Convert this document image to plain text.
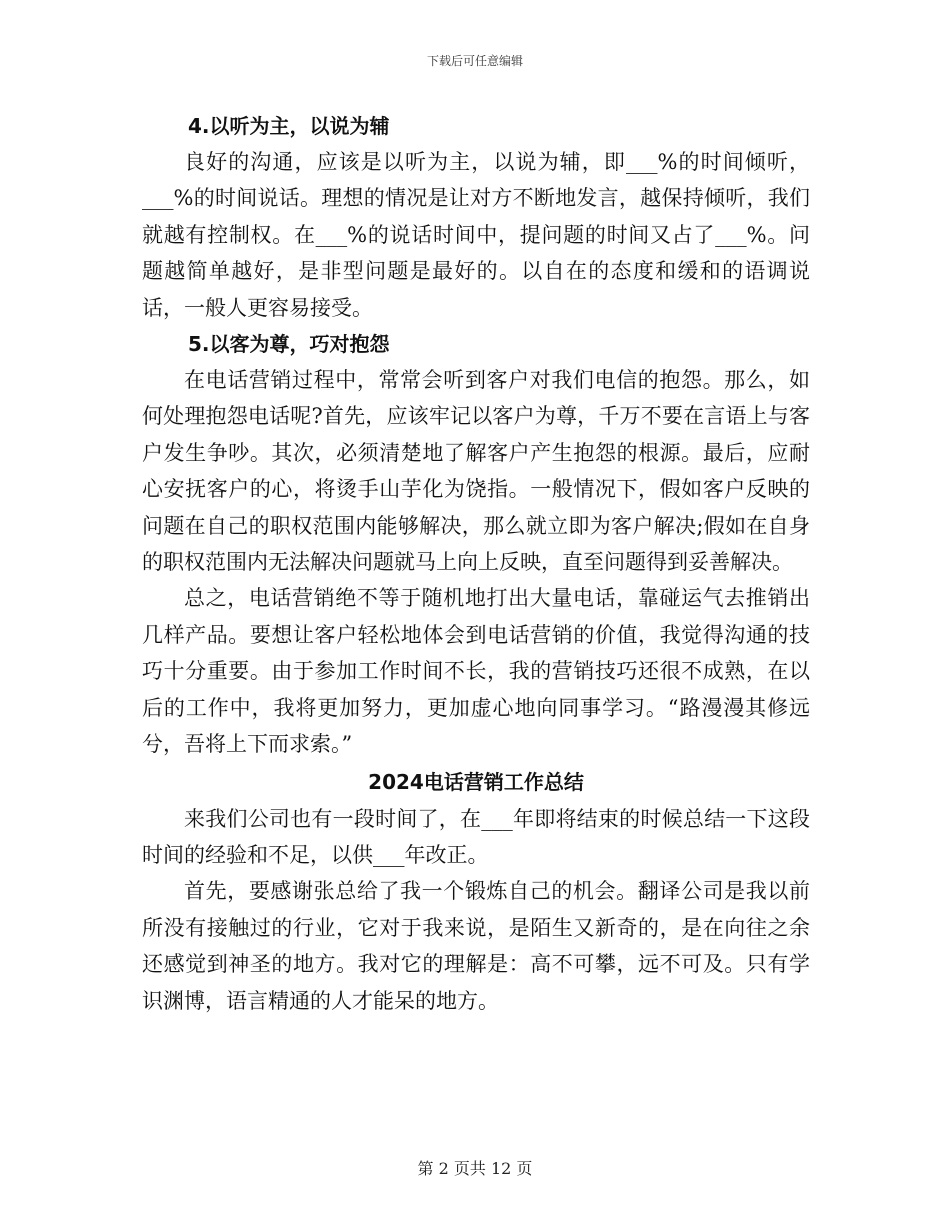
下载后可任意编辑

4.以听为主，以说为辅

良好的沟通，应该是以听为主，以说为辅，即___%的时间倾听，___%的时间说话。理想的情况是让对方不断地发言，越保持倾听，我们就越有控制权。在___%的说话时间中，提问题的时间又占了___%。问题越简单越好，是非型问题是最好的。以自在的态度和缓和的语调说话，一般人更容易接受。

5.以客为尊，巧对抱怨

在电话营销过程中，常常会听到客户对我们电信的抱怨。那么，如何处理抱怨电话呢?首先，应该牢记以客户为尊，千万不要在言语上与客户发生争吵。其次，必须清楚地了解客户产生抱怨的根源。最后，应耐心安抚客户的心，将烫手山芋化为饶指。一般情况下，假如客户反映的问题在自己的职权范围内能够解决，那么就立即为客户解决;假如在自身的职权范围内无法解决问题就马上向上反映，直至问题得到妥善解决。

总之，电话营销绝不等于随机地打出大量电话，靠碰运气去推销出几样产品。要想让客户轻松地体会到电话营销的价值，我觉得沟通的技巧十分重要。由于参加工作时间不长，我的营销技巧还很不成熟，在以后的工作中，我将更加努力，更加虚心地向同事学习。“路漫漫其修远兮，吾将上下而求索。”

2024电话营销工作总结

来我们公司也有一段时间了，在___年即将结束的时候总结一下这段时间的经验和不足，以供___年改正。

首先，要感谢张总给了我一个锻炼自己的机会。翻译公司是我以前所没有接触过的行业，它对于我来说，是陌生又新奇的，是在向往之余还感觉到神圣的地方。我对它的理解是：高不可攀，远不可及。只有学识渊博，语言精通的人才能呆的地方。

第 2 页共 12 页
